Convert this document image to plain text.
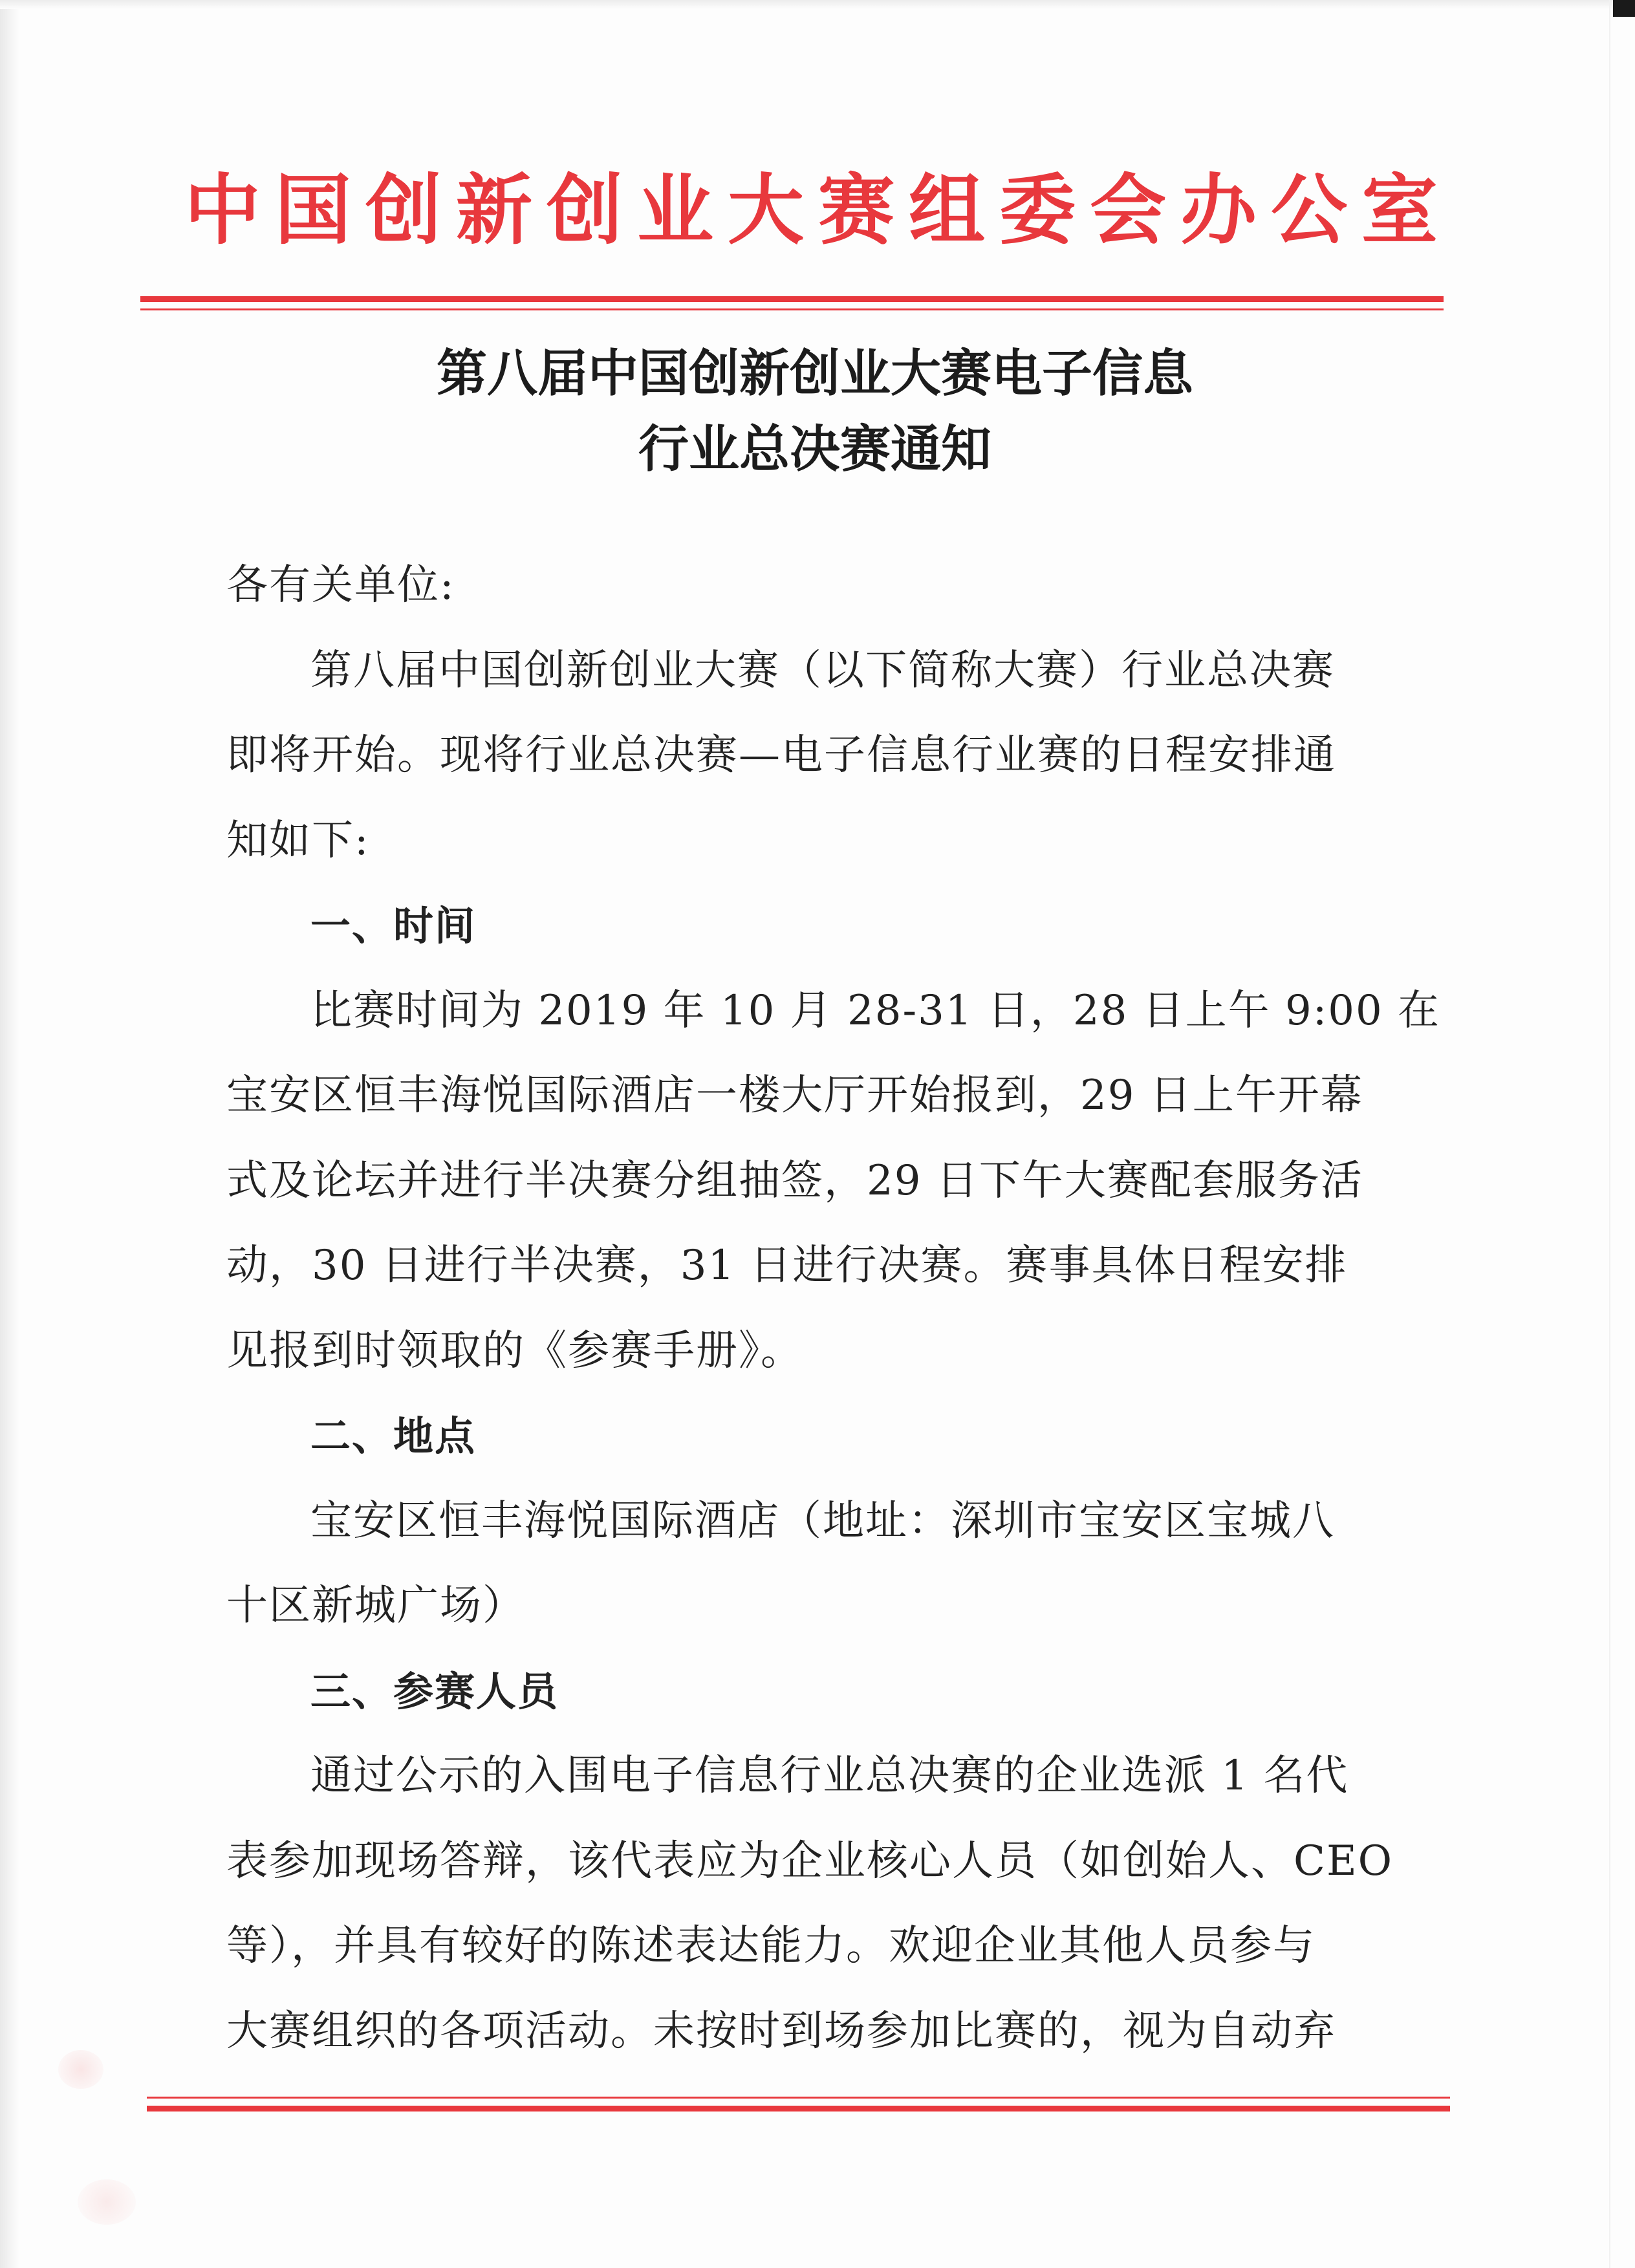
中国创新创业大赛组委会办公室
第八届中国创新创业大赛电子信息
行业总决赛通知
各有关单位:
第八届中国创新创业大赛（以下简称大赛）行业总决赛
即将开始。现将行业总决赛—电子信息行业赛的日程安排通
知如下:
一、时间
比赛时间为 2019 年 10 月 28-31 日，28 日上午 9:00 在
宝安区恒丰海悦国际酒店一楼大厅开始报到，29 日上午开幕
式及论坛并进行半决赛分组抽签，29 日下午大赛配套服务活
动，30 日进行半决赛，31 日进行决赛。赛事具体日程安排
见报到时领取的《参赛手册》。
二、地点
宝安区恒丰海悦国际酒店（地址：深圳市宝安区宝城八
十区新城广场）
三、参赛人员
通过公示的入围电子信息行业总决赛的企业选派 1 名代
表参加现场答辩，该代表应为企业核心人员（如创始人、CEO
等），并具有较好的陈述表达能力。欢迎企业其他人员参与
大赛组织的各项活动。未按时到场参加比赛的，视为自动弃
